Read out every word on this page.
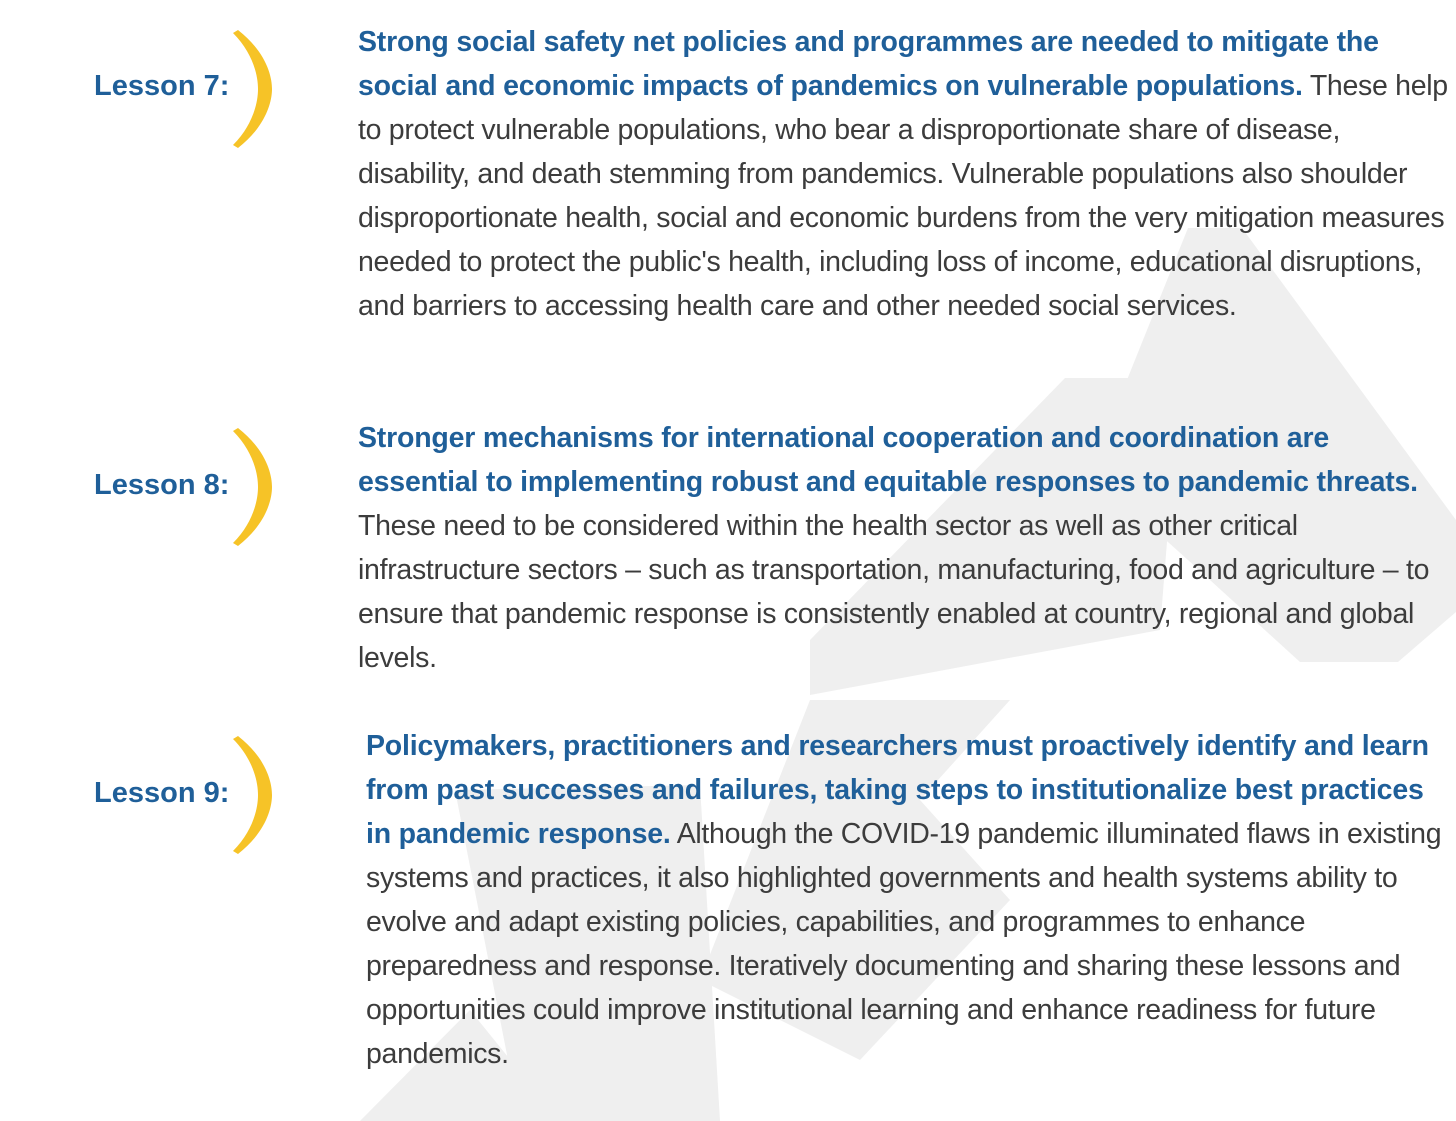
Lesson 7:

Strong social safety net policies and programmes are needed to mitigate the social and economic impacts of pandemics on vulnerable populations. These help to protect vulnerable populations, who bear a disproportionate share of disease, disability, and death stemming from pandemics. Vulnerable populations also shoulder disproportionate health, social and economic burdens from the very mitigation measures needed to protect the public's health, including loss of income, educational disruptions, and barriers to accessing health care and other needed social services.

Lesson 8:

Stronger mechanisms for international cooperation and coordination are essential to implementing robust and equitable responses to pandemic threats. These need to be considered within the health sector as well as other critical infrastructure sectors – such as transportation, manufacturing, food and agriculture – to ensure that pandemic response is consistently enabled at country, regional and global levels.

Lesson 9:

Policymakers, practitioners and researchers must proactively identify and learn from past successes and failures, taking steps to institutionalize best practices in pandemic response. Although the COVID-19 pandemic illuminated flaws in existing systems and practices, it also highlighted governments and health systems ability to evolve and adapt existing policies, capabilities, and programmes to enhance preparedness and response. Iteratively documenting and sharing these lessons and opportunities could improve institutional learning and enhance readiness for future pandemics.
